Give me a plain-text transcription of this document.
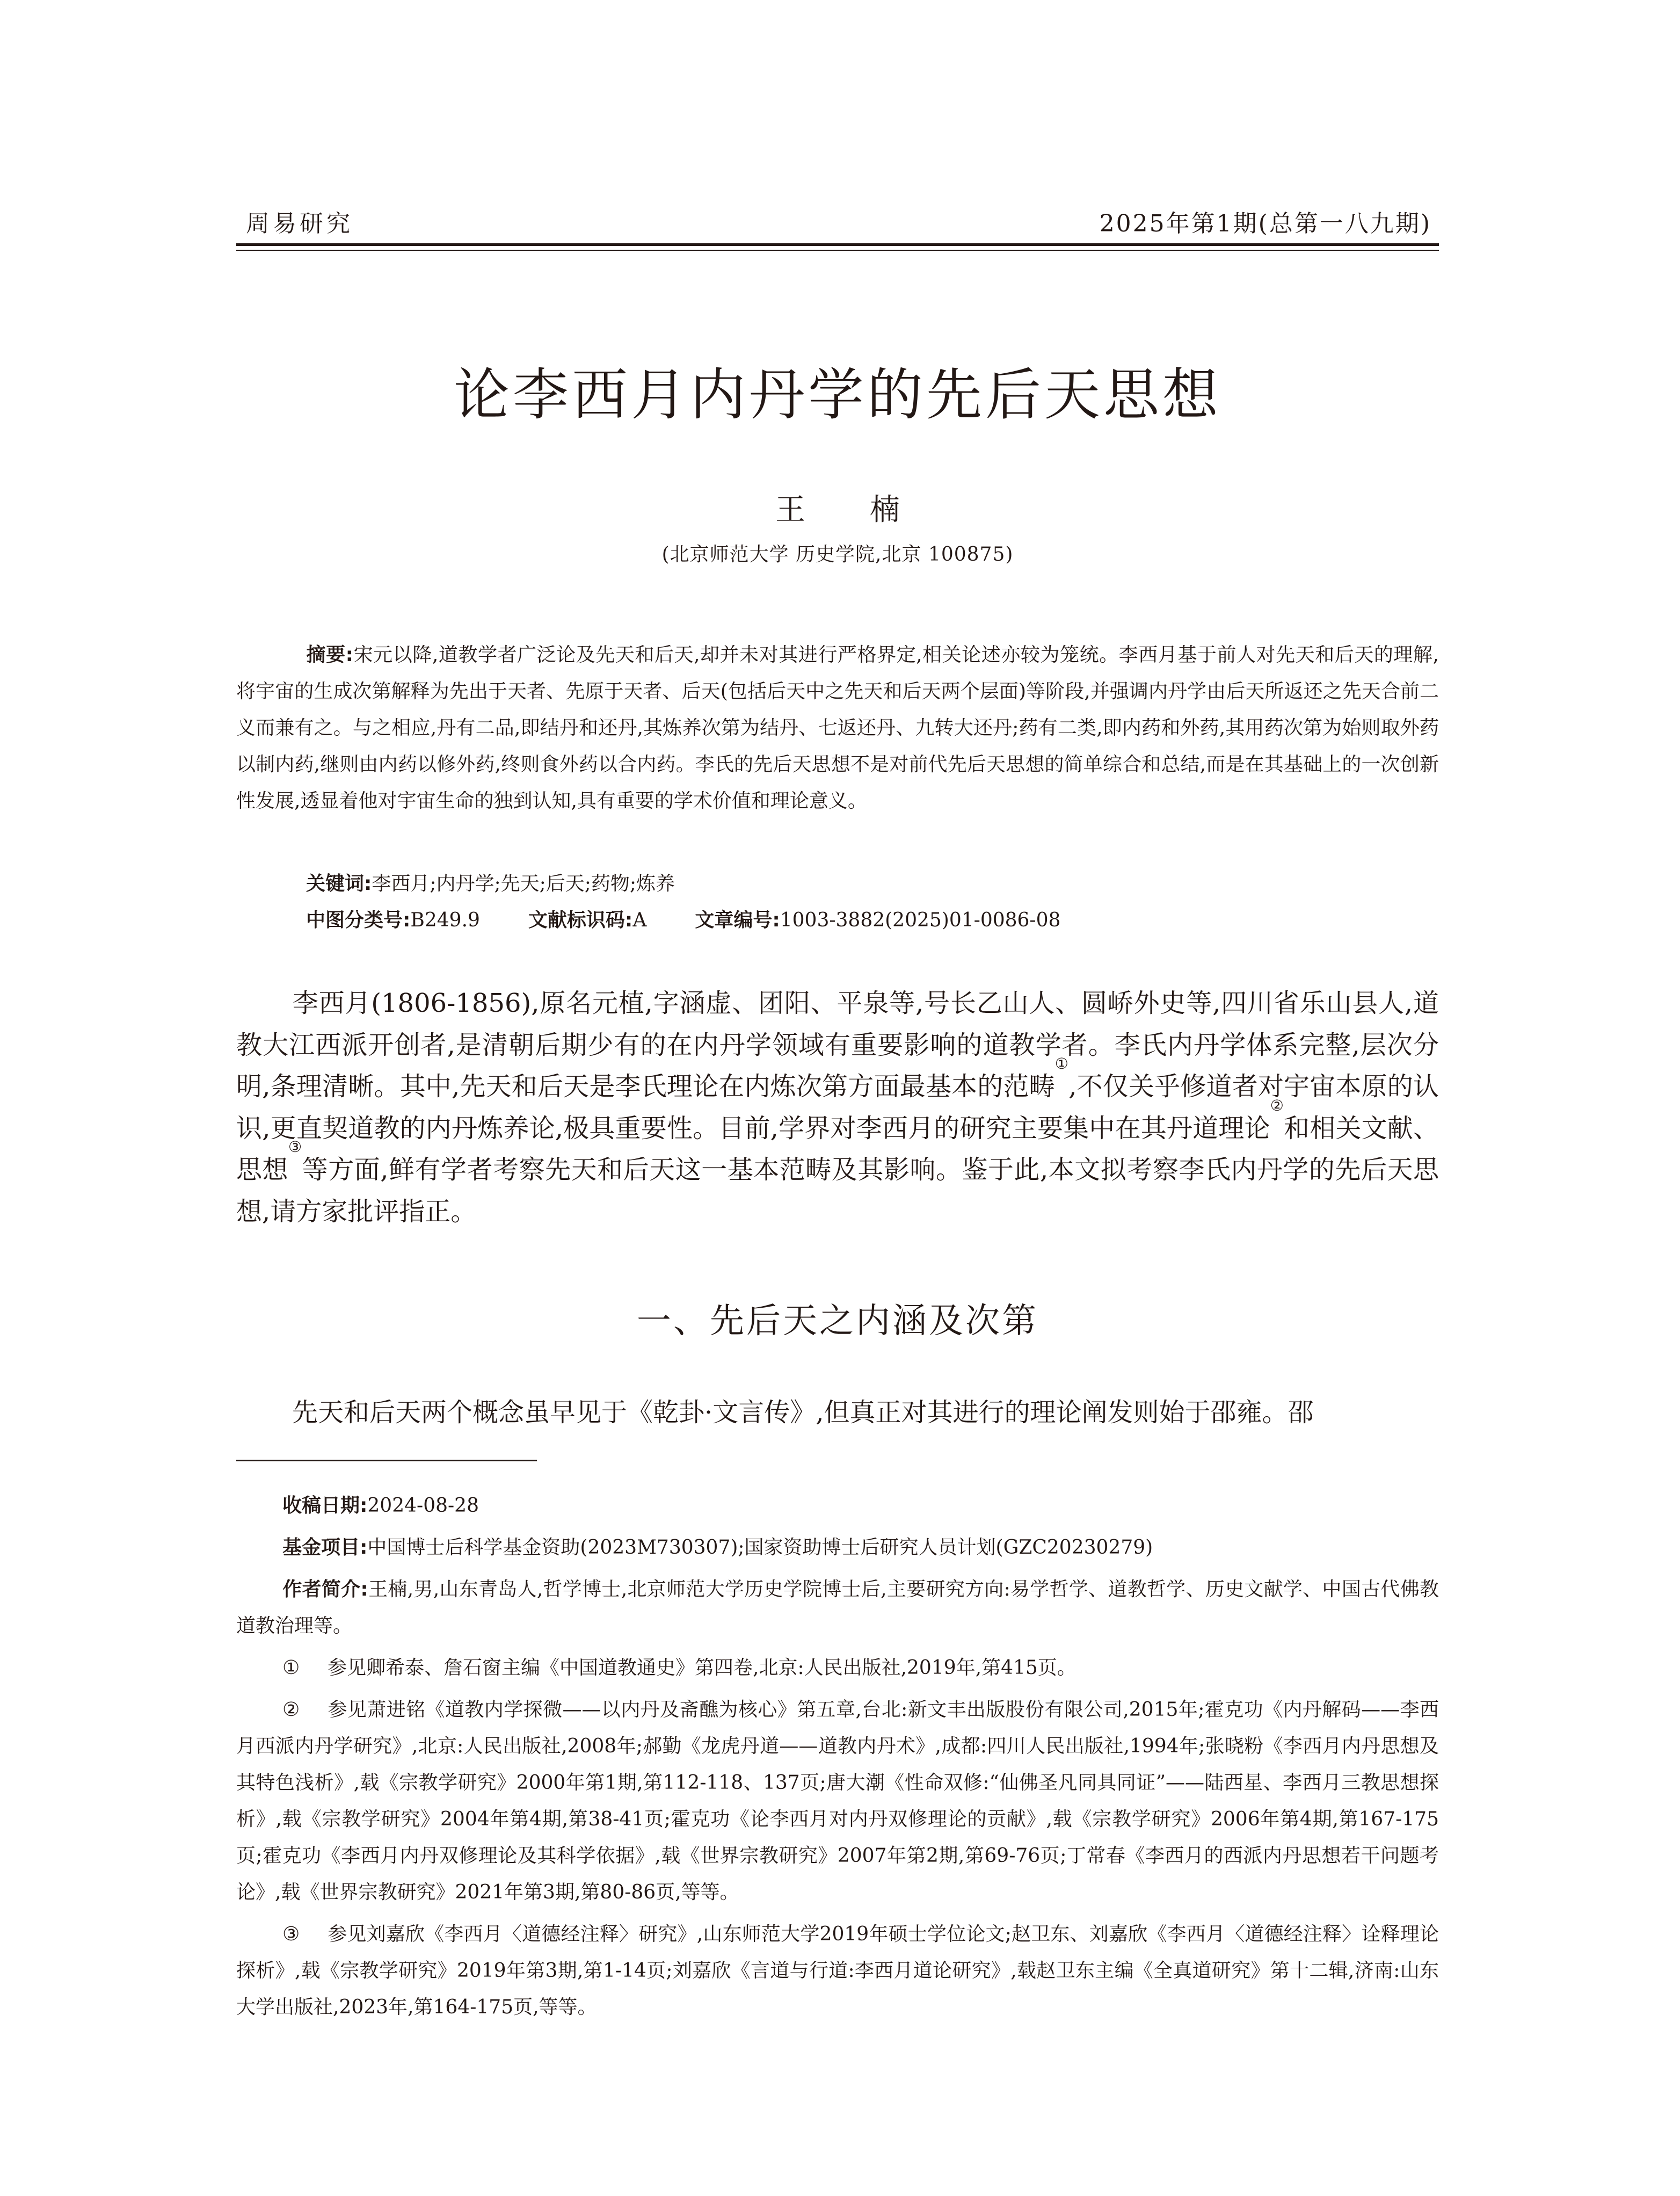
周易研究	2025年第1期(总第一八九期)
论李西月内丹学的先后天思想
王 楠
(北京师范大学 历史学院,北京 100875)
摘要:宋元以降,道教学者广泛论及先天和后天,却并未对其进行严格界定,相关论述亦较为笼统。李西月基于前人对先天和后天的理解,将宇宙的生成次第解释为先出于天者、先原于天者、后天(包括后天中之先天和后天两个层面)等阶段,并强调内丹学由后天所返还之先天合前二义而兼有之。与之相应,丹有二品,即结丹和还丹,其炼养次第为结丹、七返还丹、九转大还丹;药有二类,即内药和外药,其用药次第为始则取外药以制内药,继则由内药以修外药,终则食外药以合内药。李氏的先后天思想不是对前代先后天思想的简单综合和总结,而是在其基础上的一次创新性发展,透显着他对宇宙生命的独到认知,具有重要的学术价值和理论意义。
关键词:李西月;内丹学;先天;后天;药物;炼养
中图分类号:B249.9	文献标识码:A	文章编号:1003-3882(2025)01-0086-08
李西月(1806-1856),原名元植,字涵虚、团阳、平泉等,号长乙山人、圆峤外史等,四川省乐山县人,道教大江西派开创者,是清朝后期少有的在内丹学领域有重要影响的道教学者。李氏内丹学体系完整,层次分明,条理清晰。其中,先天和后天是李氏理论在内炼次第方面最基本的范畴①,不仅关乎修道者对宇宙本原的认识,更直契道教的内丹炼养论,极具重要性。目前,学界对李西月的研究主要集中在其丹道理论②和相关文献、思想③等方面,鲜有学者考察先天和后天这一基本范畴及其影响。鉴于此,本文拟考察李氏内丹学的先后天思想,请方家批评指正。
一、先后天之内涵及次第
先天和后天两个概念虽早见于《乾卦·文言传》,但真正对其进行的理论阐发则始于邵雍。邵

收稿日期:2024-08-28

基金项目:中国博士后科学基金资助(2023M730307);国家资助博士后研究人员计划(GZC20230279)

作者简介:王楠,男,山东青岛人,哲学博士,北京师范大学历史学院博士后,主要研究方向:易学哲学、道教哲学、历史文献学、中国古代佛教道教治理等。

① 参见卿希泰、詹石窗主编《中国道教通史》第四卷,北京:人民出版社,2019年,第415页。

② 参见萧进铭《道教内学探微——以内丹及斋醮为核心》第五章,台北:新文丰出版股份有限公司,2015年;霍克功《内丹解码——李西月西派内丹学研究》,北京:人民出版社,2008年;郝勤《龙虎丹道——道教内丹术》,成都:四川人民出版社,1994年;张晓粉《李西月内丹思想及其特色浅析》,载《宗教学研究》2000年第1期,第112-118、137页;唐大潮《性命双修:“仙佛圣凡同具同证”——陆西星、李西月三教思想探析》,载《宗教学研究》2004年第4期,第38-41页;霍克功《论李西月对内丹双修理论的贡献》,载《宗教学研究》2006年第4期,第167-175页;霍克功《李西月内丹双修理论及其科学依据》,载《世界宗教研究》2007年第2期,第69-76页;丁常春《李西月的西派内丹思想若干问题考论》,载《世界宗教研究》2021年第3期,第80-86页,等等。

③ 参见刘嘉欣《李西月〈道德经注释〉研究》,山东师范大学2019年硕士学位论文;赵卫东、刘嘉欣《李西月〈道德经注释〉诠释理论探析》,载《宗教学研究》2019年第3期,第1-14页;刘嘉欣《言道与行道:李西月道论研究》,载赵卫东主编《全真道研究》第十二辑,济南:山东大学出版社,2023年,第164-175页,等等。
